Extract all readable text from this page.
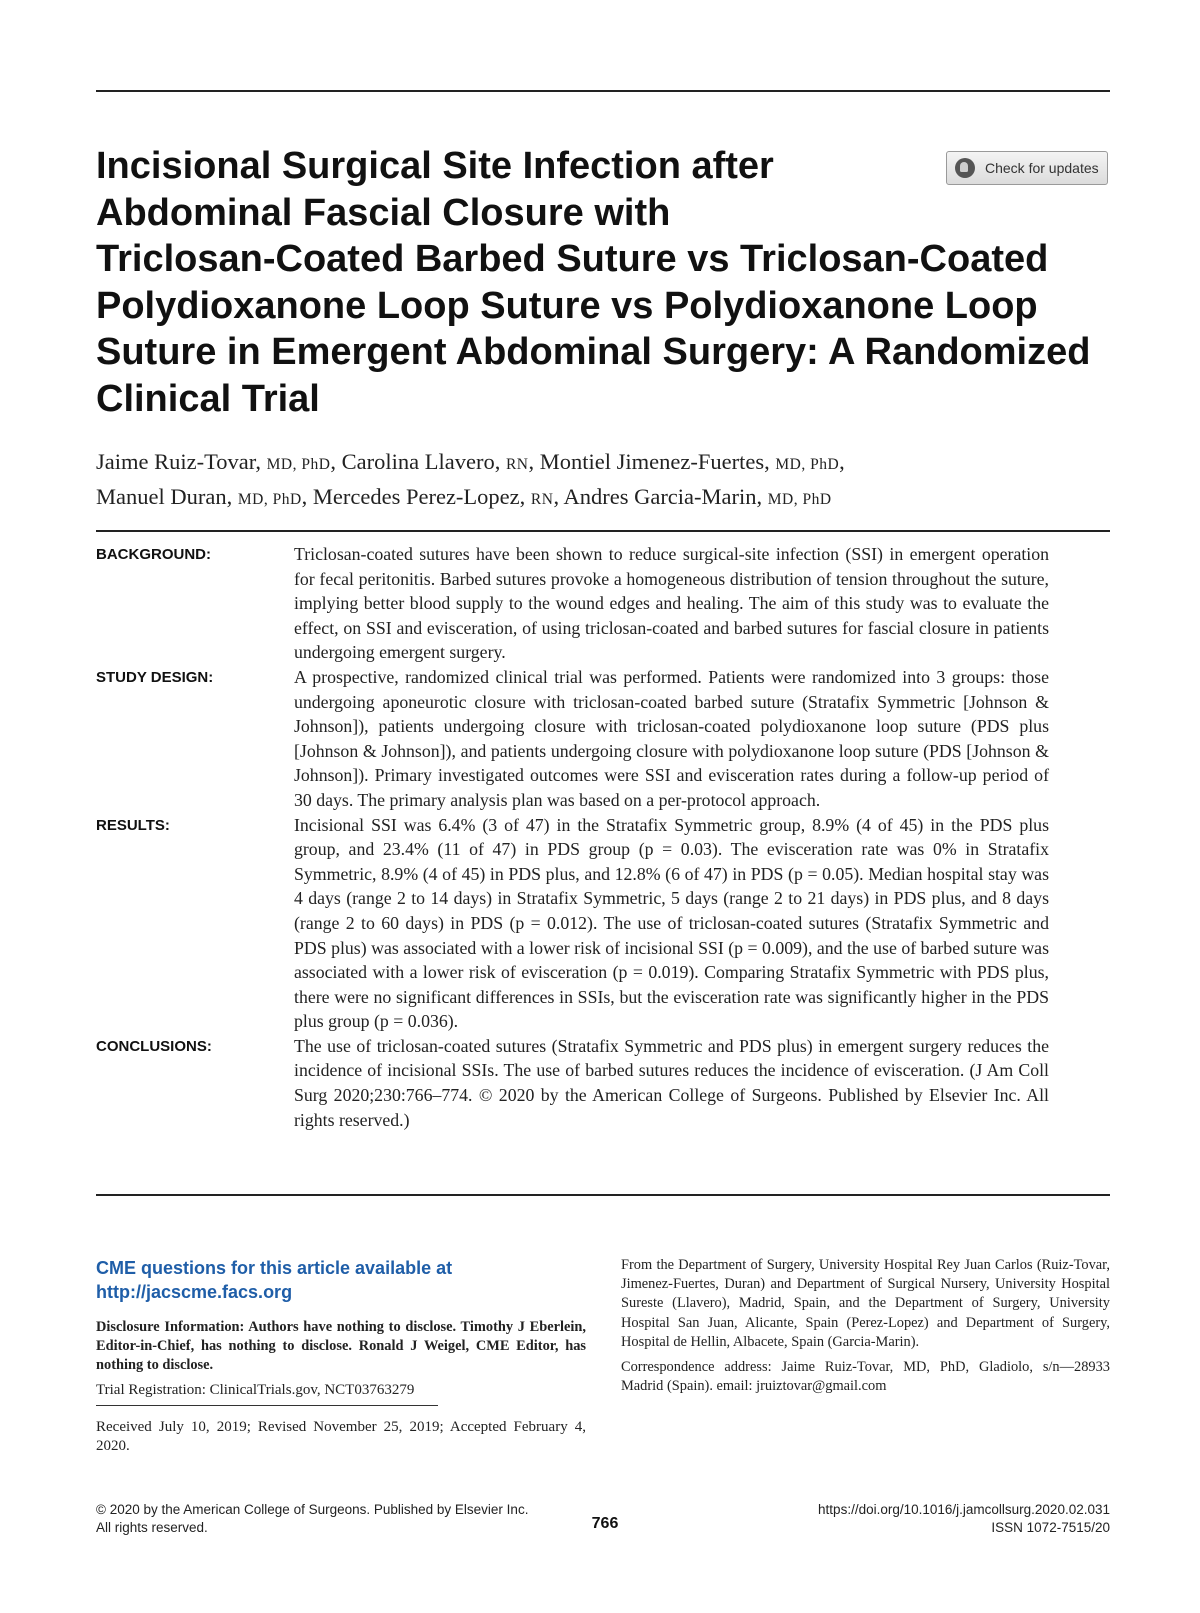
Incisional Surgical Site Infection after
Abdominal Fascial Closure with
Triclosan-Coated Barbed Suture vs Triclosan-Coated
Polydioxanone Loop Suture vs Polydioxanone Loop
Suture in Emergent Abdominal Surgery: A Randomized
Clinical Trial
Check for updates
Jaime Ruiz-Tovar, MD, PhD, Carolina Llavero, RN, Montiel Jimenez-Fuertes, MD, PhD,
Manuel Duran, MD, PhD, Mercedes Perez-Lopez, RN, Andres Garcia-Marin, MD, PhD
BACKGROUND:	Triclosan-coated sutures have been shown to reduce surgical-site infection (SSI) in emergent operation for fecal peritonitis. Barbed sutures provoke a homogeneous distribution of tension throughout the suture, implying better blood supply to the wound edges and healing. The aim of this study was to evaluate the effect, on SSI and evisceration, of using triclosan-coated and barbed sutures for fascial closure in patients undergoing emergent surgery.

STUDY DESIGN:	A prospective, randomized clinical trial was performed. Patients were randomized into 3 groups: those undergoing aponeurotic closure with triclosan-coated barbed suture (Stratafix Symmetric [Johnson & Johnson]), patients undergoing closure with triclosan-coated polydioxanone loop suture (PDS plus [Johnson & Johnson]), and patients undergoing closure with polydioxanone loop suture (PDS [Johnson & Johnson]). Primary investigated outcomes were SSI and evisceration rates during a follow-up period of 30 days. The primary analysis plan was based on a per-protocol approach.

RESULTS:	Incisional SSI was 6.4% (3 of 47) in the Stratafix Symmetric group, 8.9% (4 of 45) in the PDS plus group, and 23.4% (11 of 47) in PDS group (p = 0.03). The evisceration rate was 0% in Stratafix Symmetric, 8.9% (4 of 45) in PDS plus, and 12.8% (6 of 47) in PDS (p = 0.05). Median hospital stay was 4 days (range 2 to 14 days) in Stratafix Symmetric, 5 days (range 2 to 21 days) in PDS plus, and 8 days (range 2 to 60 days) in PDS (p = 0.012). The use of triclosan-coated sutures (Stratafix Symmetric and PDS plus) was associated with a lower risk of incisional SSI (p = 0.009), and the use of barbed suture was associated with a lower risk of evisceration (p = 0.019). Comparing Stratafix Symmetric with PDS plus, there were no significant differences in SSIs, but the evisceration rate was significantly higher in the PDS plus group (p = 0.036).

CONCLUSIONS:	The use of triclosan-coated sutures (Stratafix Symmetric and PDS plus) in emergent surgery reduces the incidence of incisional SSIs. The use of barbed sutures reduces the incidence of evisceration. (J Am Coll Surg 2020;230:766–774. © 2020 by the American College of Surgeons. Published by Elsevier Inc. All rights reserved.)

CME questions for this article available at
http://jacscme.facs.org

Disclosure Information: Authors have nothing to disclose. Timothy J Eberlein, Editor-in-Chief, has nothing to disclose. Ronald J Weigel, CME Editor, has nothing to disclose.

Trial Registration: ClinicalTrials.gov, NCT03763279

Received July 10, 2019; Revised November 25, 2019; Accepted February 4, 2020.

From the Department of Surgery, University Hospital Rey Juan Carlos (Ruiz-Tovar, Jimenez-Fuertes, Duran) and Department of Surgical Nursery, University Hospital Sureste (Llavero), Madrid, Spain, and the Department of Surgery, University Hospital San Juan, Alicante, Spain (Perez-Lopez) and Department of Surgery, Hospital de Hellin, Albacete, Spain (Garcia-Marin).

Correspondence address: Jaime Ruiz-Tovar, MD, PhD, Gladiolo, s/n—28933 Madrid (Spain). email: jruiztovar@gmail.com

© 2020 by the American College of Surgeons. Published by Elsevier Inc.
All rights reserved.	766
https://doi.org/10.1016/j.jamcollsurg.2020.02.031
ISSN 1072-7515/20
